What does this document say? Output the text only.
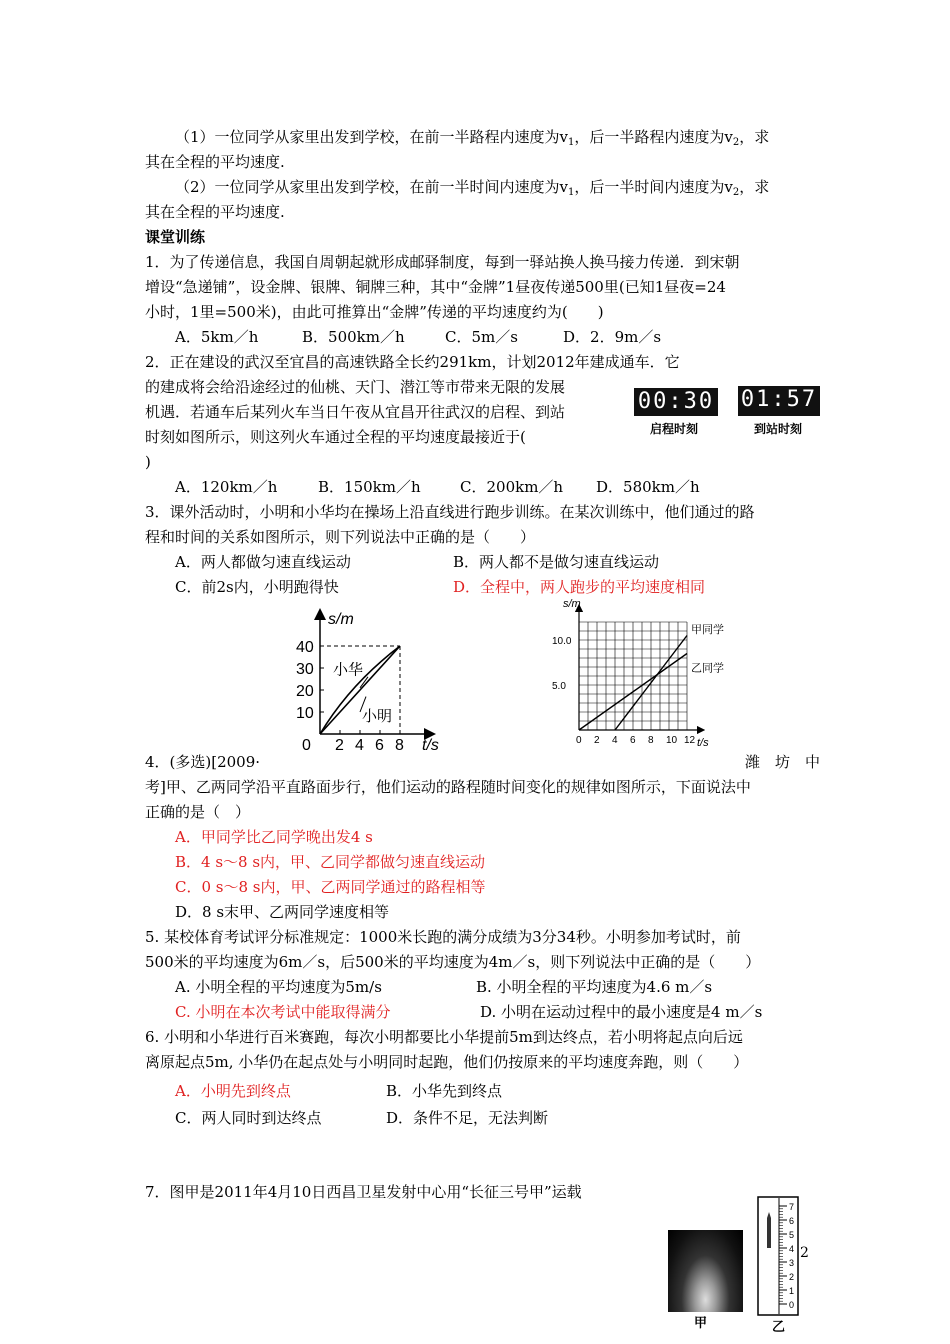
（1）一位同学从家里出发到学校，在前一半路程内速度为$v_1$，后一半路程内速度为$v_2$，求
其在全程的平均速度.
（2）一位同学从家里出发到学校，在前一半时间内速度为$v_1$，后一半时间内速度为$v_2$，求
其在全程的平均速度.
课堂训练
1．为了传递信息，我国自周朝起就形成邮驿制度，每到一驿站换人换马接力传递．到宋朝
增设“急递铺”，设金牌、银牌、铜牌三种，其中“金牌”1昼夜传递500里(已知1昼夜=24
小时，1里=500米)，由此可推算出“金牌”传递的平均速度约为(　　)
A．5km／h	B．500km／h	C．5m／s	D．2．9m／s
2．正在建设的武汉至宜昌的高速铁路全长约291km，计划2012年建成通车．它
的建成将会给沿途经过的仙桃、天门、潜江等市带来无限的发展
机遇．若通车后某列火车当日午夜从宜昌开往武汉的启程、到站
时刻如图所示，则这列火车通过全程的平均速度最接近于(
)
00:30 01:57
启程时刻	到站时刻
A．120km／h	B．150km／h	C．200km／h D．580km／h
3．课外活动时，小明和小华均在操场上沿直线进行跑步训练。在某次训练中，他们通过的路
程和时间的关系如图所示，则下列说法中正确的是（　　）
A．两人都做匀速直线运动	B．两人都不是做匀速直线运动
C．前2s内，小明跑得快	D．全程中，两人跑步的平均速度相同
s/m
t/s
0 2 4 6 8
10
20
30
40
小华
小明
s/m
t/s
0 2 4 6 8 10 12
5.0
10.0
甲同学
乙同学
4．(多选)[2009·	潍　坊　中
考]甲、乙两同学沿平直路面步行，他们运动的路程随时间变化的规律如图所示，下面说法中
正确的是（　）
A．甲同学比乙同学晚出发4 s
B．4 s～8 s内，甲、乙同学都做匀速直线运动
C．0 s～8 s内，甲、乙两同学通过的路程相等
D．8 s末甲、乙两同学速度相等
5. 某校体育考试评分标准规定：1000米长跑的满分成绩为3分34秒。小明参加考试时，前
500米的平均速度为6m／s，后500米的平均速度为4m／s，则下列说法中正确的是（　　）
A. 小明全程的平均速度为5m/s	B. 小明全程的平均速度为4.6 m／s
C. 小明在本次考试中能取得满分	D. 小明在运动过程中的最小速度是4 m／s
6. 小明和小华进行百米赛跑，每次小明都要比小华提前5m到达终点，若小明将起点向后远
离原起点5m, 小华仍在起点处与小明同时起跑，他们仍按原来的平均速度奔跑，则（　　）
A．小明先到终点	B．小华先到终点
C．两人同时到达终点	D．条件不足，无法判断
7．图甲是2011年4月10日西昌卫星发射中心用“长征三号甲”运载
甲
7
6
5
4
3
2
1
0
2
乙
